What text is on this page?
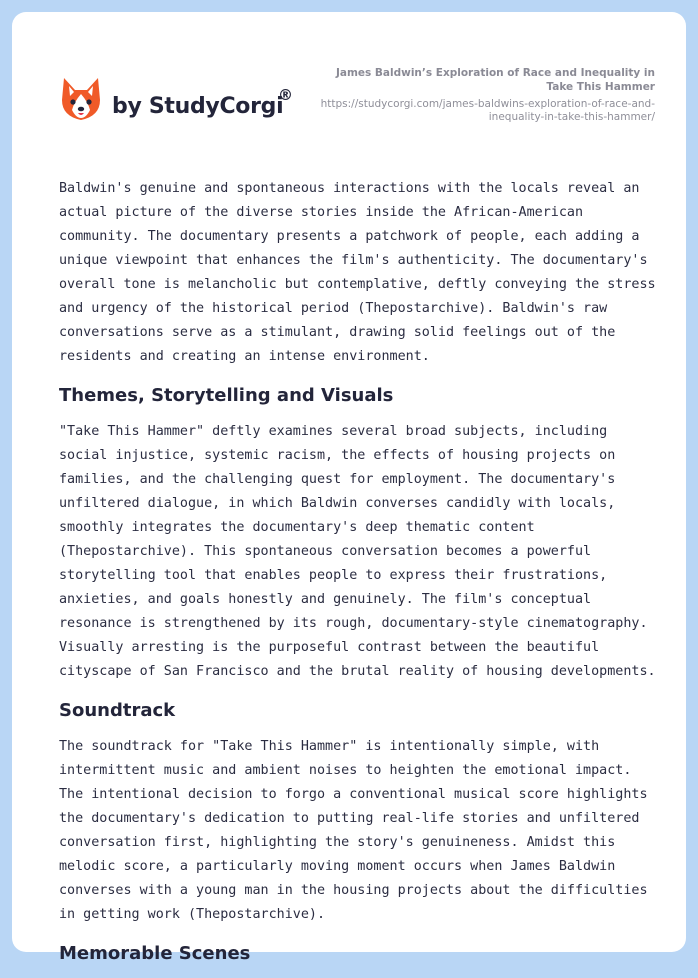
by StudyCorgi
®
James Baldwin’s Exploration of Race and Inequality in Take This Hammer
https://studycorgi.com/james-baldwins-exploration-of-race-and-inequality-in-take-this-hammer/

Baldwin's genuine and spontaneous interactions with the locals reveal an actual picture of the diverse stories inside the African-American community. The documentary presents a patchwork of people, each adding a unique viewpoint that enhances the film's authenticity. The documentary's overall tone is melancholic but contemplative, deftly conveying the stress and urgency of the historical period (Thepostarchive). Baldwin's raw conversations serve as a stimulant, drawing solid feelings out of the residents and creating an intense environment.

Themes, Storytelling and Visuals

"Take This Hammer" deftly examines several broad subjects, including social injustice, systemic racism, the effects of housing projects on families, and the challenging quest for employment. The documentary's unfiltered dialogue, in which Baldwin converses candidly with locals, smoothly integrates the documentary's deep thematic content (Thepostarchive). This spontaneous conversation becomes a powerful storytelling tool that enables people to express their frustrations, anxieties, and goals honestly and genuinely. The film's conceptual resonance is strengthened by its rough, documentary-style cinematography. Visually arresting is the purposeful contrast between the beautiful cityscape of San Francisco and the brutal reality of housing developments.

Soundtrack

The soundtrack for "Take This Hammer" is intentionally simple, with intermittent music and ambient noises to heighten the emotional impact. The intentional decision to forgo a conventional musical score highlights the documentary's dedication to putting real-life stories and unfiltered conversation first, highlighting the story's genuineness. Amidst this melodic score, a particularly moving moment occurs when James Baldwin converses with a young man in the housing projects about the difficulties in getting work (Thepostarchive).

Memorable Scenes
